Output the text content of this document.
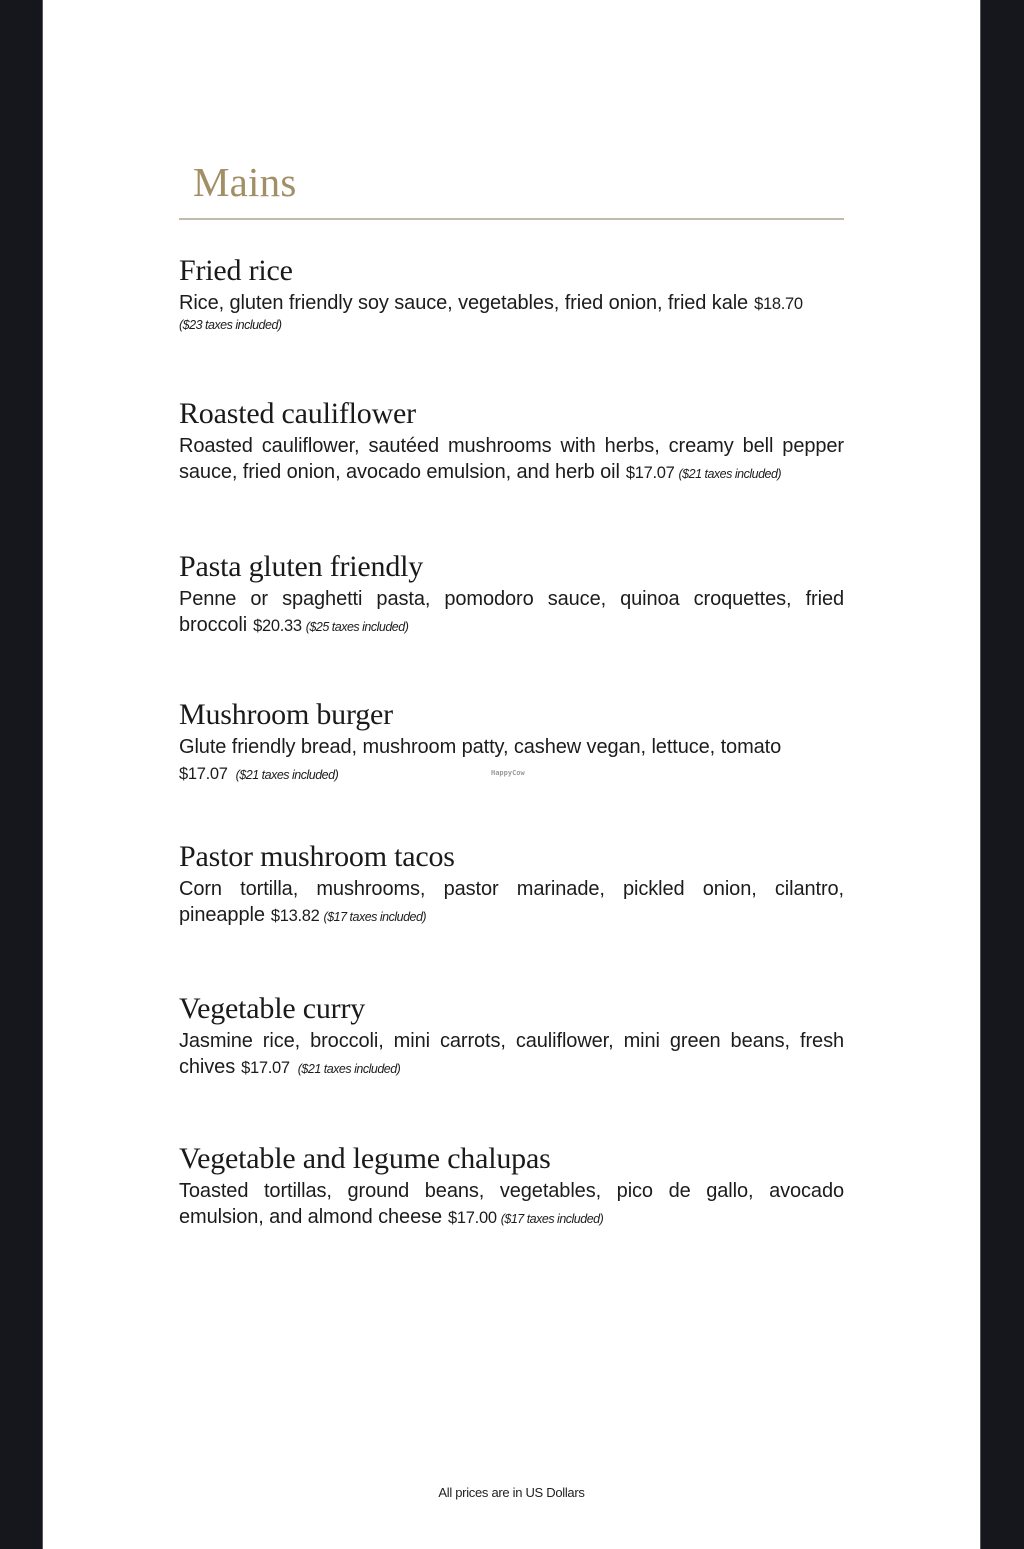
Mains
Fried rice

Rice, gluten friendly soy sauce, vegetables, fried onion, fried kale $18.70
($23 taxes included)

Roasted cauliflower

Roasted cauliflower, sautéed mushrooms with herbs, creamy bell pepper sauce, fried onion, avocado emulsion, and herb oil $17.07 ($21 taxes included)

Pasta gluten friendly

Penne or spaghetti pasta, pomodoro sauce, quinoa croquettes, fried broccoli $20.33 ($25 taxes included)

Mushroom burger

Glute friendly bread, mushroom patty, cashew vegan, lettuce, tomato
$17.07 ($21 taxes included)

Pastor mushroom tacos

Corn tortilla, mushrooms, pastor marinade, pickled onion, cilantro, pineapple $13.82 ($17 taxes included)

Vegetable curry

Jasmine rice, broccoli, mini carrots, cauliflower, mini green beans, fresh chives $17.07 ($21 taxes included)

Vegetable and legume chalupas

Toasted tortillas, ground beans, vegetables, pico de gallo, avocado emulsion, and almond cheese $17.00 ($17 taxes included)

HappyCow
All prices are in US Dollars
